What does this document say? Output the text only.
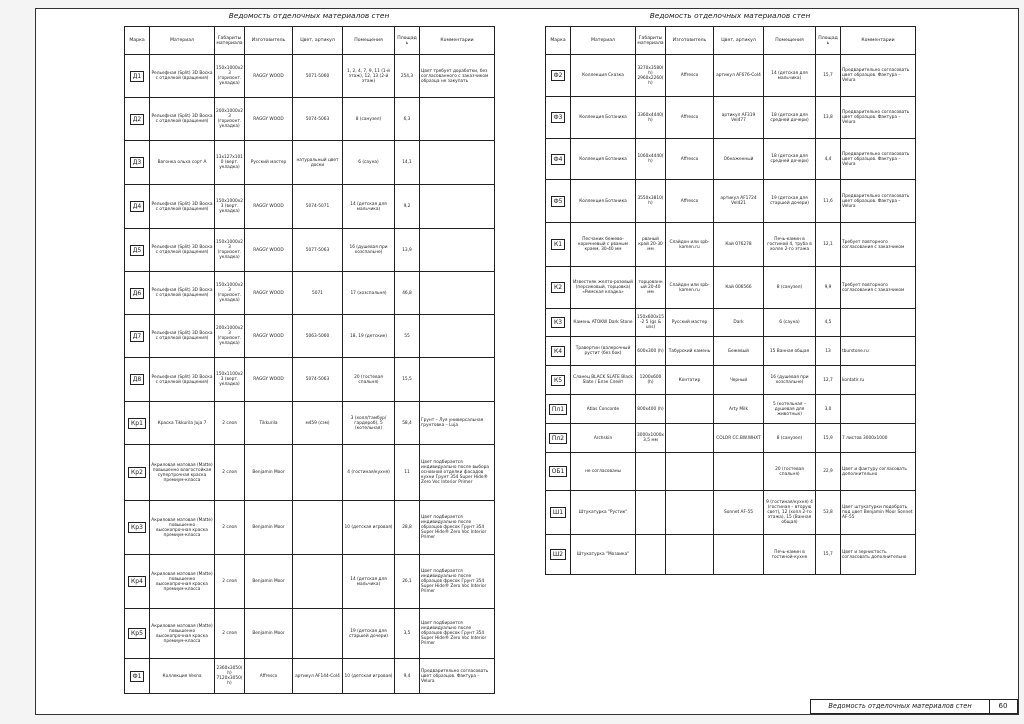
Ведомость отделочных материалов стен
Марка	Материал	Габариты материала	Изготовитель	Цвет, артикул	Помещения	Площадь	Комментарии
Д1	Рельефная (Split) 3D Воска с отделкой (вращения)	150х1000х23 (горизонт. укладка)	RAGGY WOOD	5071-5060	1, 2, 4, 7, 9, 11 (1-й этаж), 12, 13 (2-й этаж)	254,3	Цвет требует доработки, без согласованного с заказчиком образца не закупать
Д2	Рельефная (Split) 3D Воска с отделкой (вращения)	200х1000х23 (горизонт. укладка)	RAGGY WOOD	5074-5063	8 (санузел)	6,3	
Д3	Вагонка ольха сорт А	13х127х1010 (верт. укладка)	Русский мастер	натуральный цвет доски	6 (сауна)	14,1	
Д4	Рельефная (Split) 3D Воска с отделкой (вращения)	150х1000х23 (верт. укладка)	RAGGY WOOD	5074-5071	14 (детская для мальчика)	9,2	
Д5	Рельефная (Split) 3D Воска с отделкой (вращения)	150х1000х23 (горизонт. укладка)	RAGGY WOOD	5077-5063	16 (душевая при хозспальне)	13,9	
Д6	Рельефная (Split) 3D Воска с отделкой (вращения)	150х1000х23 (горизонт. укладка)	RAGGY WOOD	5071	17 (хозспальня)	46,8	
Д7	Рельефная (Split) 3D Воска с отделкой (вращения)	200х1000х23 (горизонт. укладка)	RAGGY WOOD	5063-5060	18, 19 (детские)	55	
Д8	Рельефная (Split) 3D Воска с отделкой (вращения)	150х1100х23 (верт. укладка)	RAGGY WOOD	5074-5063	20 (гостевая спальня)	15,5	
Кр1	Краска Tikkurila Juja 7	2 слоя	Tikkurila	м459 (сэм)	3 (холл/тамбур/гардероб), 5 (котельная)	58,4	Грунт – Луя универсальная грунтовка – Lujа
Кр2	Акриловая матовая (Matte) повышенно влагостойкая супертрочная краска премиум-класса	2 слоя	Benjamin Moor		4 (гостиная/кухня)	11	Цвет подбирается индивидуально после выбора основной отделки фасадов кухни Грунт 354 Super Hide® Zero Voc Interior Primer
Кр3	Акриловая матовая (Matte) повышенно высокопрочная краска премиум-класса	2 слоя	Benjamin Moor		10 (детская игровая)	28,8	Цвет подбирается индивидуально после образцов фресок Грунт 354 Super Hide® Zero Voc Interior Primer
Кр4	Акриловая матовая (Matte) повышенно высокопрочная краска премиум-класса	2 слоя	Benjamin Moor		14 (детская для мальчика)	26,1	Цвет подбирается индивидуально после образцов фресок Грунт 354 Super Hide® Zero Voc Interior Primer
Кр5	Акриловая матовая (Matte) повышенно высокопрочная краска премиум-класса	2 слоя	Benjamin Moor		19 (детская для старшей дочери)	3,5	Цвет подбирается индивидуально после образцов фресок Грунт 354 Super Hide® Zero Voc Interior Primer
Ф1	Коллекция Vesna	2360х3050(h) 7120х3050(h)	Affresco	артикул AF144-Col4	10 (детская игровая)	9,4	Предварительно согласовать цвет образцов. Фактура – Velura
Ведомость отделочных материалов стен
Марка	Материал	Габариты материала	Изготовитель	Цвет, артикул	Помещения	Площадь	Комментарии
Ф2	Коллекция Сказка	3270х3580(h) 2960х2260(h)	Affresco	артикул AF676-Col4	14 (детская для мальчика)	15,7	Предварительно согласовать цвет образцов. Фактура – Velura
Ф3	Коллекция Ботаника	3360х4440(h)	Affresco	артикул AF319 Vel477	18 (детская для средней дочери)	13,8	Предварительно согласовать цвет образцов. Фактура – Velura
Ф4	Коллекция Ботаника	1060х4440(h)	Affresco	Обнаженный	18 (детская для средней дочери)	4,4	Предварительно согласовать цвет образцов. Фактура – Velura
Ф5	Коллекция Ботаника	3550х3810(h)	Affresco	артикул AF1724 Vel421	19 (детская для старшей дочери)	11,6	Предварительно согласовать цвет образцов. Фактура – Velura
К1	Песчаник бежево-коричневый с рваным краем, 30-40 мм	рваный край 20-30 мм	Cлайдон или spb-kamen.ru	Кай 076278	Печь-камин в гостиной 4, труба в холле 2-го этажа	12,1	Требует повторного согласования с заказчиком
К2	Известняк желто-розовый (персиковый, торцовка) «Римская кладка»	торцованный 20-40 мм	Cлайдон или spb-kamen.ru	Кай 006566	8 (санузел)	9,9	Требует повторного согласования с заказчиком
К3	Камень ATOKW Dark Stone	150х600х15-2 5 (gs & uns)	Русский мастер	Dark	6 (сауна)	4,5	
К4	Травертин (валерочный рустит (без бок)	600х300 (h)	Табурский камень	Бежевый	15 Ванная общая	13	tburstone.ru
К5	Сланец BLACK SLATE Black Slate / Блэк Слейт	1200х600 (h)	Контатир	Черный	16 (душевая при хозспальне)	12,7	kontatir.ru
Пл1	Atlas Concorde	800х400 (h)		Arty Milk	5 (котельная – душевая для животных)	3,0	
Пл2	Archskin	3000х1000х 3,5 мм		COLOR CC.BW.WHXT	8 (санузел)	15,9	7 листов 3000х1000
ОБ1	не согласованы				20 (гостевая спальня)	22,9	Цвет и фактуру согласовать дополнительно
Ш1	Штукатурка "Рустик"			Sonnet AF-55	9 (гостиная/кухня) 4 (гостиная – вторую свет), 12 (холл 2-го этажа), 15 (Ванная общая)	53,8	Цвет штукатурки подобрать под цвет Benjamin Moor Sonnet AF-55
Ш2	Штукатурка "Мозаика"				Печь-камин в гостиной-кухне	15,7	Цвет и зернистость согласовать дополнительно
Ведомость отделочных материалов стен	60
